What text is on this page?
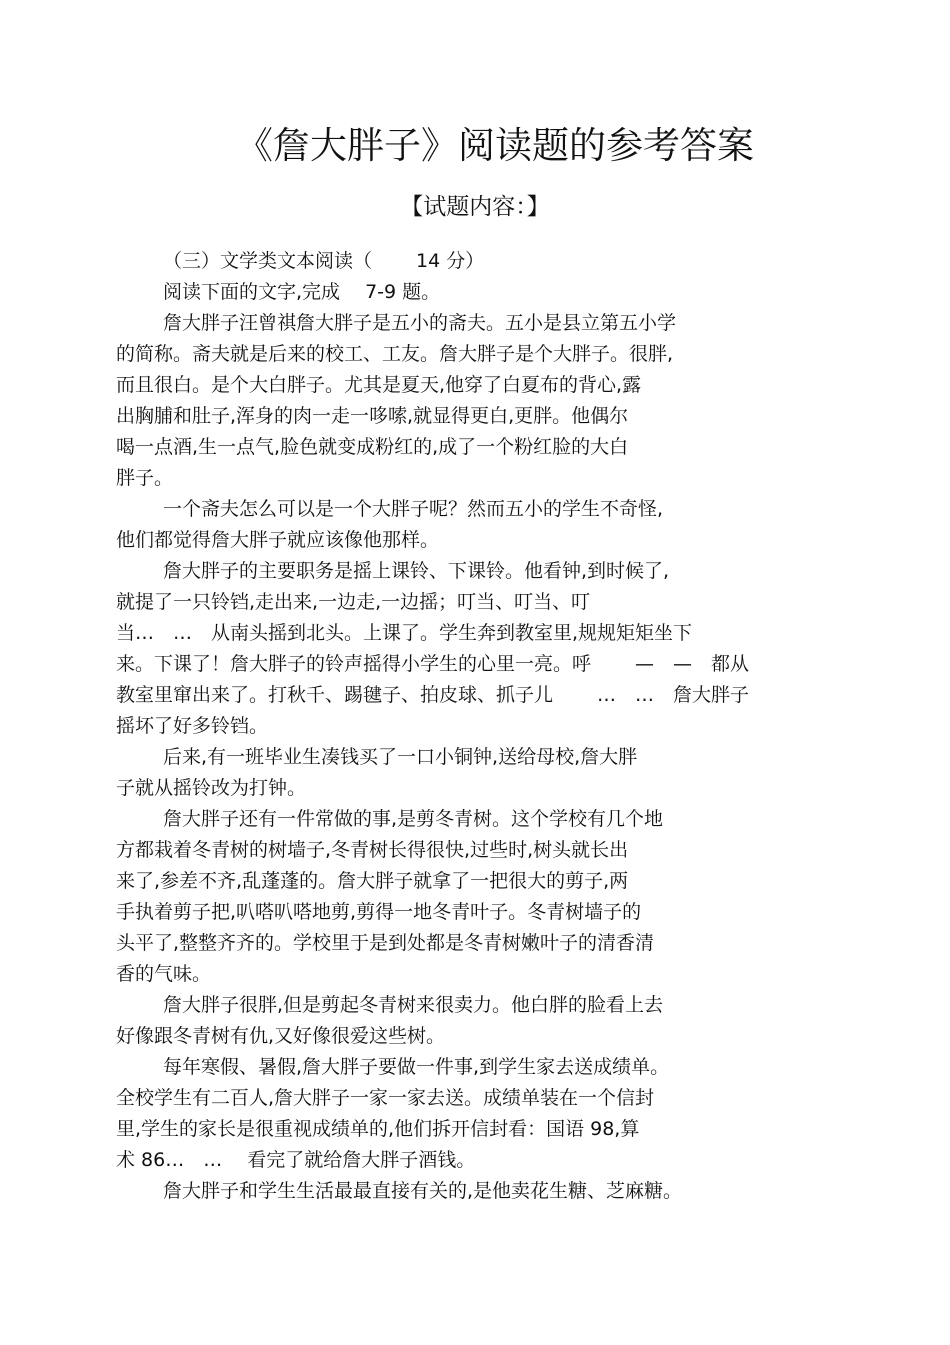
《詹大胖子》阅读题的参考答案
【试题内容：】
（三）文学类文本阅读（　　 14 分）
阅读下面的文字,完成　 7-9 题。
詹大胖子汪曾祺詹大胖子是五小的斋夫。五小是县立第五小学
的简称。斋夫就是后来的校工、工友。詹大胖子是个大胖子。很胖,
而且很白。是个大白胖子。尤其是夏天,他穿了白夏布的背心,露
出胸脯和肚子,浑身的肉一走一哆嗦,就显得更白,更胖。他偶尔
喝一点酒,生一点气,脸色就变成粉红的,成了一个粉红脸的大白
胖子。
一个斋夫怎么可以是一个大胖子呢？然而五小的学生不奇怪,
他们都觉得詹大胖子就应该像他那样。
詹大胖子的主要职务是摇上课铃、下课铃。他看钟,到时候了,
就提了一只铃铛,走出来,一边走,一边摇；叮当、叮当、叮
当…　…　从南头摇到北头。上课了。学生奔到教室里,规规矩矩坐下
来。下课了！詹大胖子的铃声摇得小学生的心里一亮。呼　　 —　—　都从
教室里窜出来了。打秋千、踢毽子、拍皮球、抓子儿　　 …　…　詹大胖子
摇坏了好多铃铛。
后来,有一班毕业生凑钱买了一口小铜钟,送给母校,詹大胖
子就从摇铃改为打钟。
詹大胖子还有一件常做的事,是剪冬青树。这个学校有几个地
方都栽着冬青树的树墙子,冬青树长得很快,过些时,树头就长出
来了,参差不齐,乱蓬蓬的。詹大胖子就拿了一把很大的剪子,两
手执着剪子把,叭嗒叭嗒地剪,剪得一地冬青叶子。冬青树墙子的
头平了,整整齐齐的。学校里于是到处都是冬青树嫩叶子的清香清
香的气味。
詹大胖子很胖,但是剪起冬青树来很卖力。他白胖的脸看上去
好像跟冬青树有仇,又好像很爱这些树。
每年寒假、暑假,詹大胖子要做一件事,到学生家去送成绩单。
全校学生有二百人,詹大胖子一家一家去送。成绩单装在一个信封
里,学生的家长是很重视成绩单的,他们拆开信封看：国语 98,算
术 86…　…　 看完了就给詹大胖子酒钱。
詹大胖子和学生生活最最直接有关的,是他卖花生糖、芝麻糖。
